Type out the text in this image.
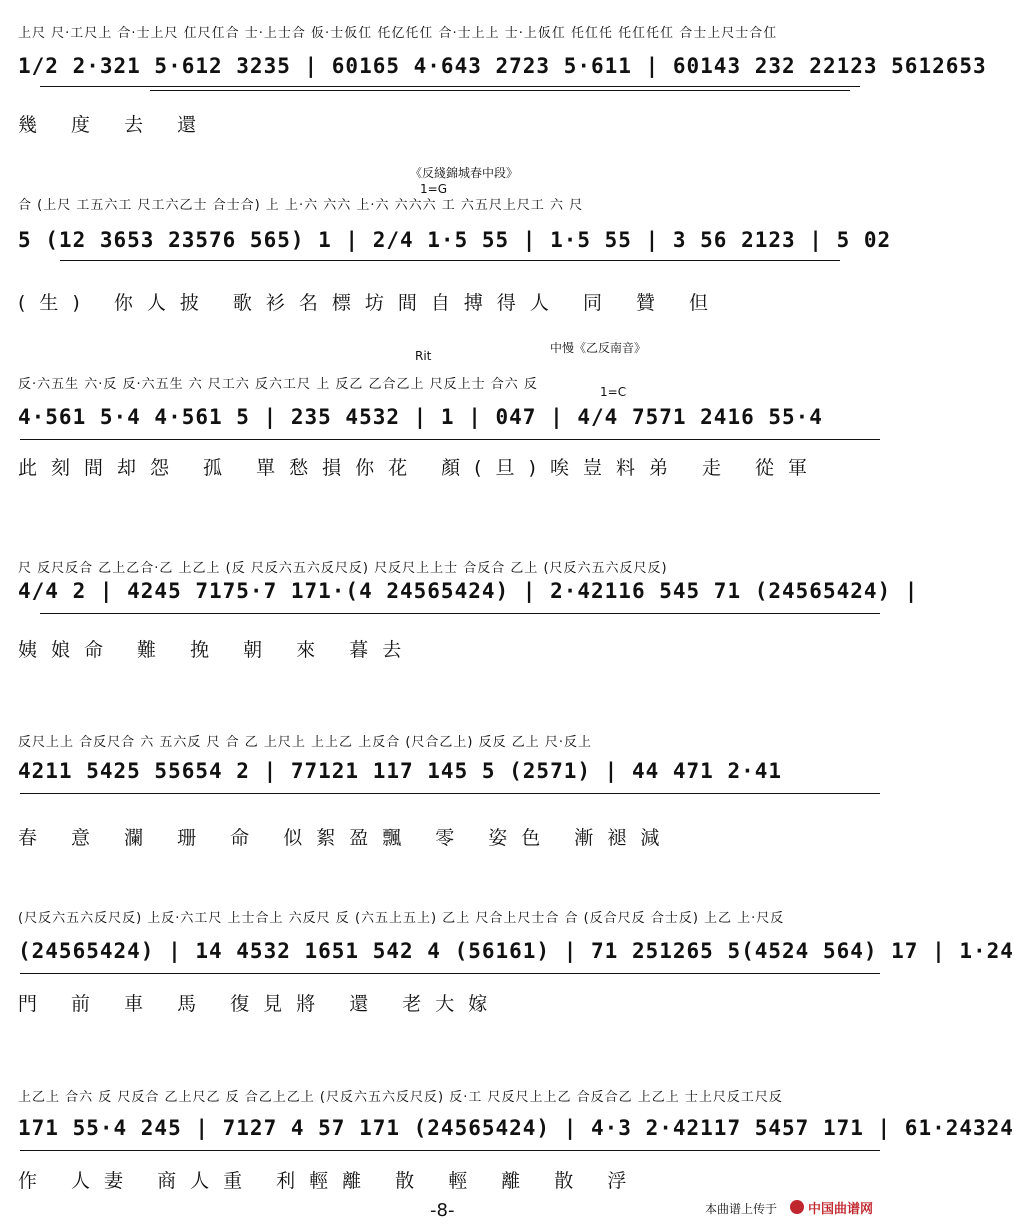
上尺 尺·工尺上 合·士上尺 仜尺仜合 士·上士合 仮·士仮仜 仛亿仛仜 合·士上上 士·上仮仜 仛仜仛 仛仜仛仜 合士上尺士合仜
1/2 2·321 5·612 3235 | 60165 4·643 2723 5·611 | 60143 232 22123 5612653
幾 度 去 還
《反綫錦城春中段》
1=G
合 (上尺 工五六工 尺工六乙士 合士合) 上 上·六 六六 上·六 六六六 工 六五尺上尺工 六 尺
5 (12 3653 23576 565) 1 | 2/4 1·5 55 | 1·5 55 | 3 56 2123 | 5 02
(生) 你人披 歌衫名標坊間自搏得人 同 贊 但
Rit
中慢《乙反南音》
1=C
反·六五生 六·反 反·六五生 六 尺工六 反六工尺 上 反乙 乙合乙上 尺反上士 合六 反
4·561 5·4 4·561 5 | 235 4532 | 1 | 047 | 4/4 7571 2416 55·4
此刻間却怨 孤 單愁損你花 顏(旦)唉豈料弟 走 從軍
尺 反尺反合 乙上乙合·乙 上乙上 (反 尺反六五六反尺反) 尺反尺上上士 合反合 乙上 (尺反六五六反尺反)
4/4 2 | 4245 7175·7 171·(4 24565424) | 2·42116 545 71 (24565424) |
姨娘命 難 挽 朝 來 暮去
反尺上上 合反尺合 六 五六反 尺 合 乙 上尺上 上上乙 上反合 (尺合乙上) 反反 乙上 尺·反上
4211 5425 55654 2 | 77121 117 145 5 (2571) | 44 471 2·41
春 意 瀾 珊 命 似絮盈飄 零 姿色 漸褪減
(尺反六五六反尺反) 上反·六工尺 上士合上 六反尺 反 (六五上五上) 乙上 尺合上尺士合 合 (反合尺反 合士反) 上乙 上·尺反
(24565424) | 14 4532 1651 542 4 (56161) | 71 251265 5(4524 564) 17 | 1·24
門 前 車 馬 復見將 還 老大嫁
上乙上 合六 反 尺反合 乙上尺乙 反 合乙上乙上 (尺反六五六反尺反) 反·工 尺反尺上上乙 合反合乙 上乙上 士上尺反工尺反
171 55·4 245 | 7127 4 57 171 (24565424) | 4·3 2·42117 5457 171 | 61·24324
作 人妻 商人重 利輕離 散 輕 離 散 浮
-8-	本曲谱上传于 中国曲谱网
